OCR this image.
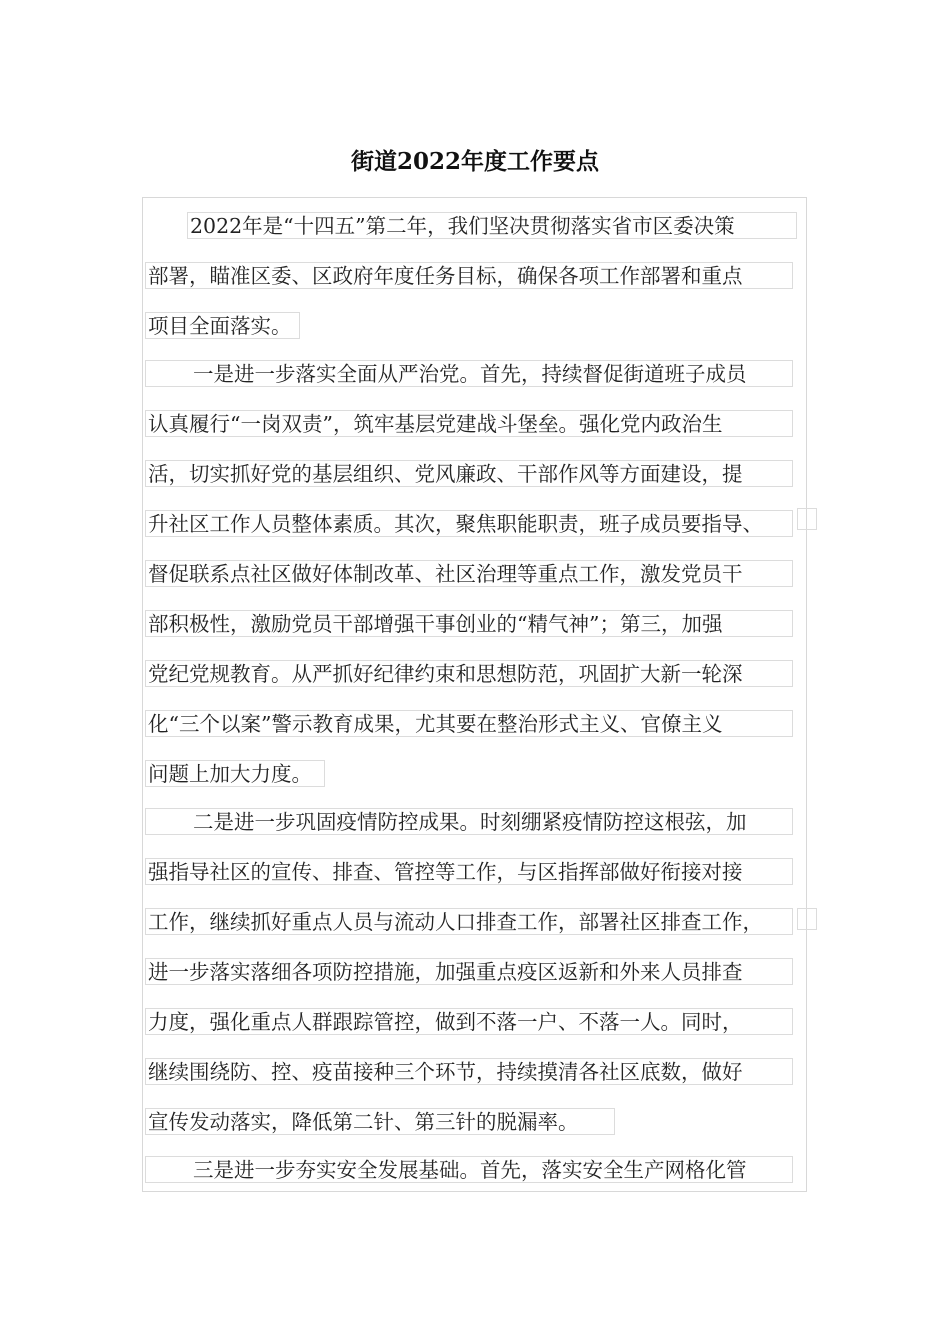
街道2022年度工作要点
2022年是“十四五”第二年，我们坚决贯彻落实省市区委决策
部署，瞄准区委、区政府年度任务目标，确保各项工作部署和重点
项目全面落实。
一是进一步落实全面从严治党。首先，持续督促街道班子成员
认真履行“一岗双责”，筑牢基层党建战斗堡垒。强化党内政治生
活，切实抓好党的基层组织、党风廉政、干部作风等方面建设，提
升社区工作人员整体素质。其次，聚焦职能职责，班子成员要指导、
督促联系点社区做好体制改革、社区治理等重点工作，激发党员干
部积极性，激励党员干部增强干事创业的“精气神”；第三，加强
党纪党规教育。从严抓好纪律约束和思想防范，巩固扩大新一轮深
化“三个以案”警示教育成果，尤其要在整治形式主义、官僚主义
问题上加大力度。
二是进一步巩固疫情防控成果。时刻绷紧疫情防控这根弦，加
强指导社区的宣传、排查、管控等工作，与区指挥部做好衔接对接
工作，继续抓好重点人员与流动人口排查工作，部署社区排查工作，
进一步落实落细各项防控措施，加强重点疫区返新和外来人员排查
力度，强化重点人群跟踪管控，做到不落一户、不落一人。同时，
继续围绕防、控、疫苗接种三个环节，持续摸清各社区底数，做好
宣传发动落实，降低第二针、第三针的脱漏率。
三是进一步夯实安全发展基础。首先，落实安全生产网格化管
